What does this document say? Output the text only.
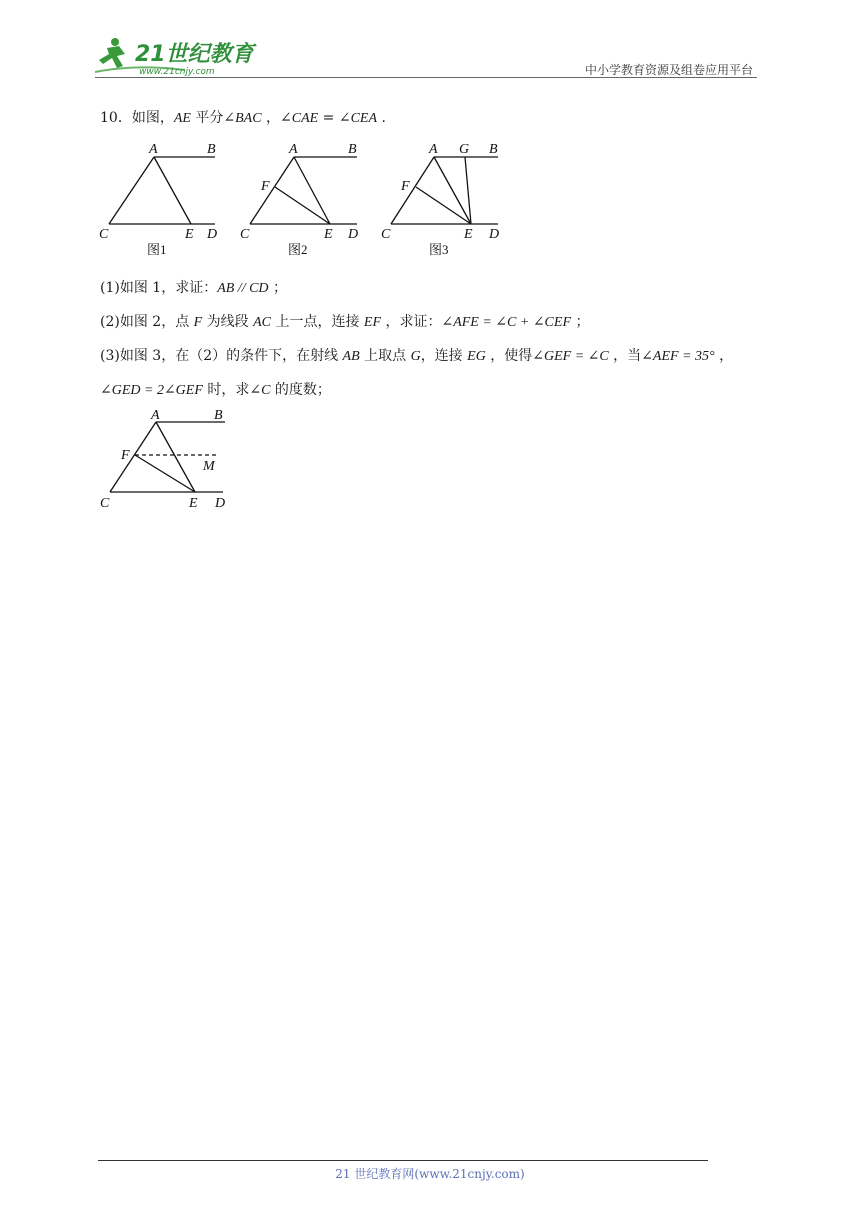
21世纪教育
www.21cnjy.com	中小学教育资源及组卷应用平台
10．如图，AE 平分∠BAC ，∠CAE = ∠CEA .
A	B
C	E D
A	B
F
C	E D
A G B
F
C	E D
图1	图2	图3
(1)如图 1，求证：AB // CD ；
(2)如图 2，点 F 为线段 AC 上一点，连接 EF ，求证：∠AFE = ∠C + ∠CEF ；
(3)如图 3，在（2）的条件下，在射线 AB 上取点 G，连接 EG ，使得∠GEF = ∠C ，当∠AEF = 35° ，
∠GED = 2∠GEF 时，求∠C 的度数；
A	B
F
M
C	E D
21 世纪教育网(www.21cnjy.com)
